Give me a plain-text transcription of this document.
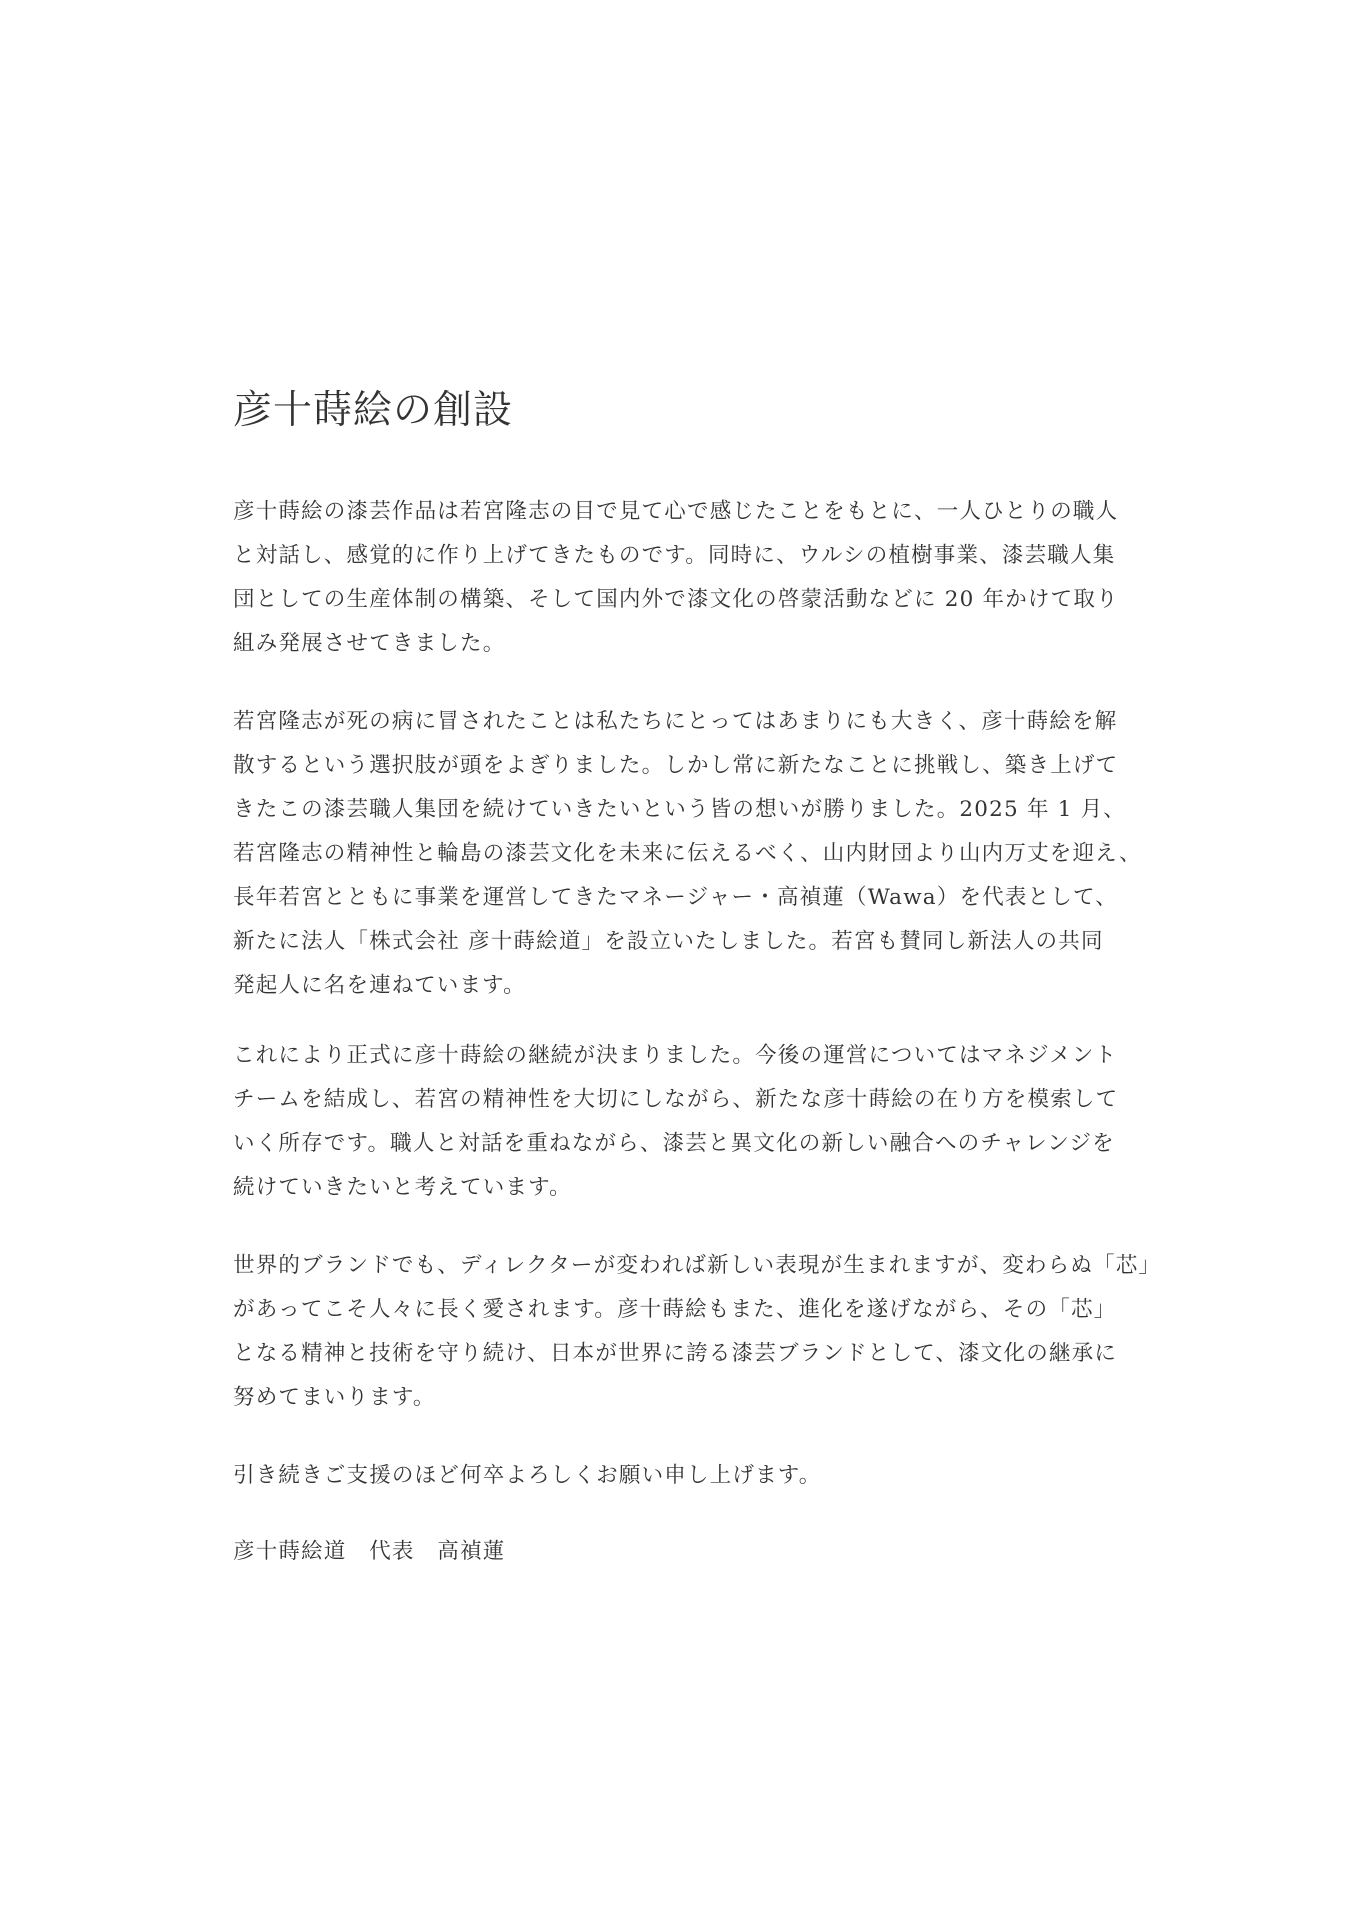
彦十蒔絵の創設

彦十蒔絵の漆芸作品は若宮隆志の目で見て心で感じたことをもとに、一人ひとりの職人
と対話し、感覚的に作り上げてきたものです。同時に、ウルシの植樹事業、漆芸職人集
団としての生産体制の構築、そして国内外で漆文化の啓蒙活動などに 20 年かけて取り
組み発展させてきました。

若宮隆志が死の病に冒されたことは私たちにとってはあまりにも大きく、彦十蒔絵を解
散するという選択肢が頭をよぎりました。しかし常に新たなことに挑戦し、築き上げて
きたこの漆芸職人集団を続けていきたいという皆の想いが勝りました。2025 年 1 月、
若宮隆志の精神性と輪島の漆芸文化を未来に伝えるべく、山内財団より山内万丈を迎え、
長年若宮とともに事業を運営してきたマネージャー・高禎蓮（Wawa）を代表として、
新たに法人「株式会社 彦十蒔絵道」を設立いたしました。若宮も賛同し新法人の共同
発起人に名を連ねています。

これにより正式に彦十蒔絵の継続が決まりました。今後の運営についてはマネジメント
チームを結成し、若宮の精神性を大切にしながら、新たな彦十蒔絵の在り方を模索して
いく所存です。職人と対話を重ねながら、漆芸と異文化の新しい融合へのチャレンジを
続けていきたいと考えています。

世界的ブランドでも、ディレクターが変われば新しい表現が生まれますが、変わらぬ「芯」
があってこそ人々に長く愛されます。彦十蒔絵もまた、進化を遂げながら、その「芯」
となる精神と技術を守り続け、日本が世界に誇る漆芸ブランドとして、漆文化の継承に
努めてまいります。

引き続きご支援のほど何卒よろしくお願い申し上げます。

彦十蒔絵道　代表　高禎蓮
